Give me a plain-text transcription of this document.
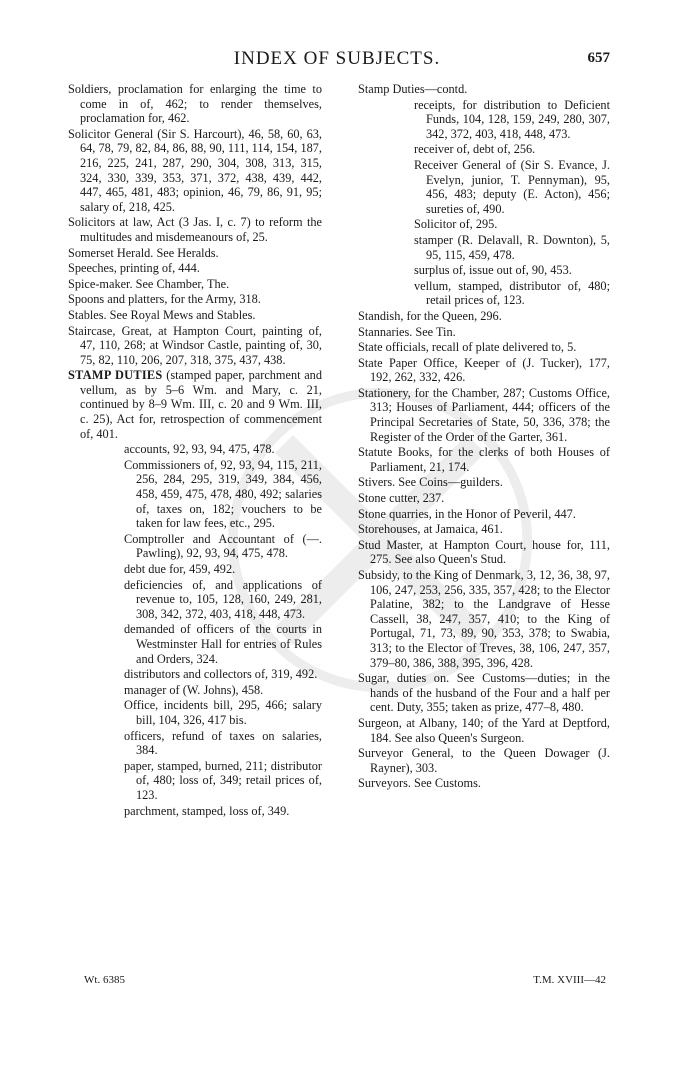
INDEX OF SUBJECTS.	657

Soldiers, proclamation for enlarging the time to come in of, 462; to render themselves, proclamation for, 462.

Solicitor General (Sir S. Harcourt), 46, 58, 60, 63, 64, 78, 79, 82, 84, 86, 88, 90, 111, 114, 154, 187, 216, 225, 241, 287, 290, 304, 308, 313, 315, 324, 330, 339, 353, 371, 372, 438, 439, 442, 447, 465, 481, 483; opinion, 46, 79, 86, 91, 95; salary of, 218, 425.

Solicitors at law, Act (3 Jas. I, c. 7) to reform the multitudes and misdemeanours of, 25.

Somerset Herald. See Heralds.

Speeches, printing of, 444.

Spice-maker. See Chamber, The.

Spoons and platters, for the Army, 318.

Stables. See Royal Mews and Stables.

Staircase, Great, at Hampton Court, painting of, 47, 110, 268; at Windsor Castle, painting of, 30, 75, 82, 110, 206, 207, 318, 375, 437, 438.

STAMP DUTIES (stamped paper, parchment and vellum, as by 5–6 Wm. and Mary, c. 21, continued by 8–9 Wm. III, c. 20 and 9 Wm. III, c. 25), Act for, retrospection of commencement of, 401.

accounts, 92, 93, 94, 475, 478.

Commissioners of, 92, 93, 94, 115, 211, 256, 284, 295, 319, 349, 384, 456, 458, 459, 475, 478, 480, 492; salaries of, taxes on, 182; vouchers to be taken for law fees, etc., 295.

Comptroller and Accountant of (—. Pawling), 92, 93, 94, 475, 478.

debt due for, 459, 492.

deficiencies of, and applications of revenue to, 105, 128, 160, 249, 281, 308, 342, 372, 403, 418, 448, 473.

demanded of officers of the courts in Westminster Hall for entries of Rules and Orders, 324.

distributors and collectors of, 319, 492.

manager of (W. Johns), 458.

Office, incidents bill, 295, 466; salary bill, 104, 326, 417 bis.

officers, refund of taxes on salaries, 384.

paper, stamped, burned, 211; distributor of, 480; loss of, 349; retail prices of, 123.

parchment, stamped, loss of, 349.

Stamp Duties—contd.

receipts, for distribution to Deficient Funds, 104, 128, 159, 249, 280, 307, 342, 372, 403, 418, 448, 473.

receiver of, debt of, 256.

Receiver General of (Sir S. Evance, J. Evelyn, junior, T. Pennyman), 95, 456, 483; deputy (E. Acton), 456; sureties of, 490.

Solicitor of, 295.

stamper (R. Delavall, R. Downton), 5, 95, 115, 459, 478.

surplus of, issue out of, 90, 453.

vellum, stamped, distributor of, 480; retail prices of, 123.

Standish, for the Queen, 296.

Stannaries. See Tin.

State officials, recall of plate delivered to, 5.

State Paper Office, Keeper of (J. Tucker), 177, 192, 262, 332, 426.

Stationery, for the Chamber, 287; Customs Office, 313; Houses of Parliament, 444; officers of the Principal Secretaries of State, 50, 336, 378; the Register of the Order of the Garter, 361.

Statute Books, for the clerks of both Houses of Parliament, 21, 174.

Stivers. See Coins—guilders.

Stone cutter, 237.

Stone quarries, in the Honor of Peveril, 447.

Storehouses, at Jamaica, 461.

Stud Master, at Hampton Court, house for, 111, 275. See also Queen's Stud.

Subsidy, to the King of Denmark, 3, 12, 36, 38, 97, 106, 247, 253, 256, 335, 357, 428; to the Elector Palatine, 382; to the Landgrave of Hesse Cassell, 38, 247, 357, 410; to the King of Portugal, 71, 73, 89, 90, 353, 378; to Swabia, 313; to the Elector of Treves, 38, 106, 247, 357, 379–80, 386, 388, 395, 396, 428.

Sugar, duties on. See Customs—duties; in the hands of the husband of the Four and a half per cent. Duty, 355; taken as prize, 477–8, 480.

Surgeon, at Albany, 140; of the Yard at Deptford, 184. See also Queen's Surgeon.

Surveyor General, to the Queen Dowager (J. Rayner), 303.

Surveyors. See Customs.

Wt. 6385	T.M. XVIII—42
